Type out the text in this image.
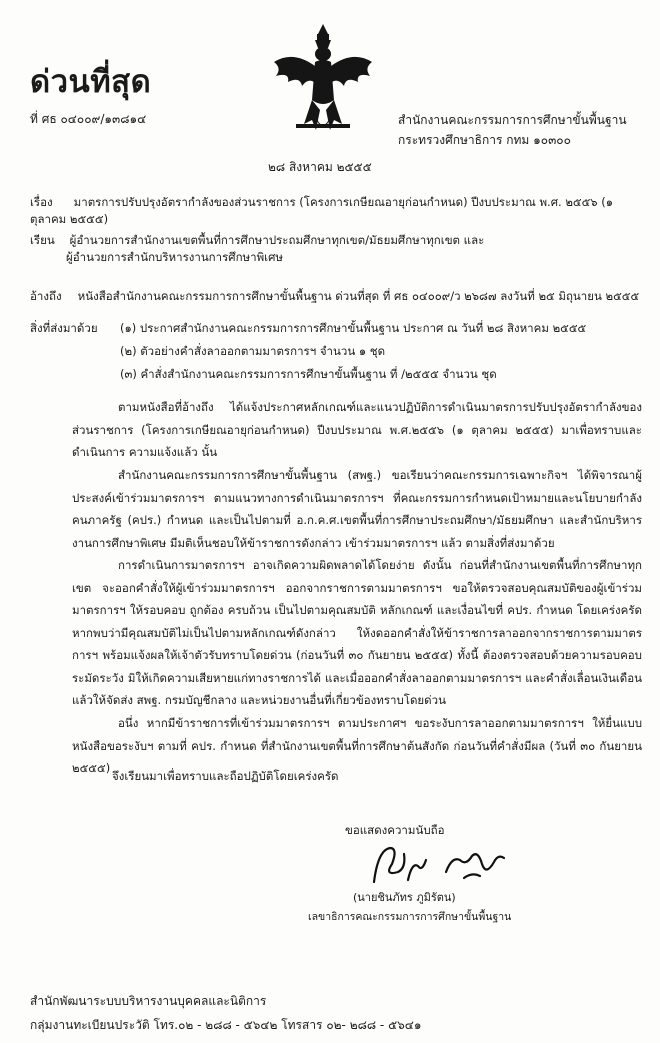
ด่วนที่สุด
ที่ ศธ ๐๔๐๐๙/๑๓๘๑๔	สำนักงานคณะกรรมการการศึกษาขั้นพื้นฐาน
กระทรวงศึกษาธิการ กทม ๑๐๓๐๐
๒๘ สิงหาคม ๒๕๕๕
เรื่อง มาตรการปรับปรุงอัตรากำลังของส่วนราชการ (โครงการเกษียณอายุก่อนกำหนด) ปีงบประมาณ พ.ศ. ๒๕๕๖ (๑ ตุลาคม ๒๕๕๕)
เรียน ผู้อำนวยการสำนักงานเขตพื้นที่การศึกษาประถมศึกษาทุกเขต/มัธยมศึกษาทุกเขต และ
ผู้อำนวยการสำนักบริหารงานการศึกษาพิเศษ
อ้างถึง หนังสือสำนักงานคณะกรรมการการศึกษาขั้นพื้นฐาน ด่วนที่สุด ที่ ศธ ๐๔๐๐๙/ว ๒๖๘๗ ลงวันที่ ๒๕ มิถุนายน ๒๕๕๕
สิ่งที่ส่งมาด้วย (๑) ประกาศสำนักงานคณะกรรมการการศึกษาขั้นพื้นฐาน ประกาศ ณ วันที่ ๒๘ สิงหาคม ๒๕๕๕
(๒) ตัวอย่างคำสั่งลาออกตามมาตรการฯ จำนวน ๑ ชุด
(๓) คำสั่งสำนักงานคณะกรรมการการศึกษาขั้นพื้นฐาน ที่ /๒๕๕๕ จำนวน ชุด
ตามหนังสือที่อ้างถึง ได้แจ้งประกาศหลักเกณฑ์และแนวปฏิบัติการดำเนินมาตรการปรับปรุงอัตรากำลังของส่วนราชการ (โครงการเกษียณอายุก่อนกำหนด) ปีงบประมาณ พ.ศ.๒๕๕๖ (๑ ตุลาคม ๒๕๕๕) มาเพื่อทราบและดำเนินการ ความแจ้งแล้ว นั้น
สำนักงานคณะกรรมการการศึกษาขั้นพื้นฐาน (สพฐ.) ขอเรียนว่าคณะกรรมการเฉพาะกิจฯ ได้พิจารณาผู้ประสงค์เข้าร่วมมาตรการฯ ตามแนวทางการดำเนินมาตรการฯ ที่คณะกรรมการกำหนดเป้าหมายและนโยบายกำลังคนภาครัฐ (คปร.) กำหนด และเป็นไปตามที่ อ.ก.ค.ศ.เขตพื้นที่การศึกษาประถมศึกษา/มัธยมศึกษา และสำนักบริหารงานการศึกษาพิเศษ มีมติเห็นชอบให้ข้าราชการดังกล่าว เข้าร่วมมาตรการฯ แล้ว ตามสิ่งที่ส่งมาด้วย
การดำเนินการมาตรการฯ อาจเกิดความผิดพลาดได้โดยง่าย ดังนั้น ก่อนที่สำนักงานเขตพื้นที่การศึกษาทุกเขต จะออกคำสั่งให้ผู้เข้าร่วมมาตรการฯ ออกจากราชการตามมาตรการฯ ขอให้ตรวจสอบคุณสมบัติของผู้เข้าร่วมมาตรการฯ ให้รอบคอบ ถูกต้อง ครบถ้วน เป็นไปตามคุณสมบัติ หลักเกณฑ์ และเงื่อนไขที่ คปร. กำหนด โดยเคร่งครัด หากพบว่ามีคุณสมบัติไม่เป็นไปตามหลักเกณฑ์ดังกล่าว ให้งดออกคำสั่งให้ข้าราชการลาออกจากราชการตามมาตรการฯ พร้อมแจ้งผลให้เจ้าตัวรับทราบโดยด่วน (ก่อนวันที่ ๓๐ กันยายน ๒๕๕๕) ทั้งนี้ ต้องตรวจสอบด้วยความรอบคอบ ระมัดระวัง มิให้เกิดความเสียหายแก่ทางราชการได้ และเมื่อออกคำสั่งลาออกตามมาตรการฯ และคำสั่งเลื่อนเงินเดือนแล้วให้จัดส่ง สพฐ. กรมบัญชีกลาง และหน่วยงานอื่นที่เกี่ยวข้องทราบโดยด่วน
อนึ่ง หากมีข้าราชการที่เข้าร่วมมาตรการฯ ตามประกาศฯ ขอระงับการลาออกตามมาตรการฯ ให้ยื่นแบบหนังสือขอระงับฯ ตามที่ คปร. กำหนด ที่สำนักงานเขตพื้นที่การศึกษาต้นสังกัด ก่อนวันที่คำสั่งมีผล (วันที่ ๓๐ กันยายน ๒๕๕๕)
จึงเรียนมาเพื่อทราบและถือปฏิบัติโดยเคร่งครัด
ขอแสดงความนับถือ
(นายชินภัทร ภูมิรัตน)
เลขาธิการคณะกรรมการการศึกษาขั้นพื้นฐาน
สำนักพัฒนาระบบบริหารงานบุคคลและนิติการ
กลุ่มงานทะเบียนประวัติ โทร.๐๒ - ๒๘๘ - ๕๖๔๒ โทรสาร ๐๒- ๒๘๘ - ๕๖๔๑
